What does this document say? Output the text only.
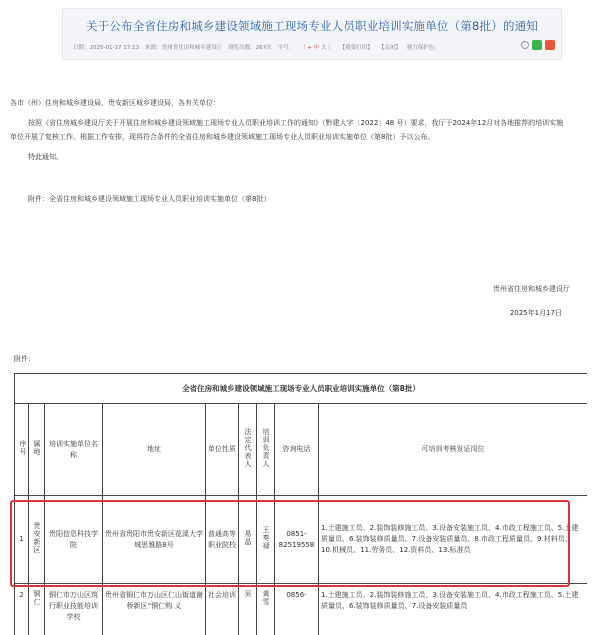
关于公布全省住房和城乡建设领域施工现场专业人员职业培训实施单位（第8批）的通知
日期：2025-01-17 17:13 来源：贵州省住房和城乡建设厅 浏览次数：267次 字号： 〔 + 中 大 〕 【我要打印】 【关闭】 视力保护色：

各市（州）住房和城乡建设局，贵安新区城乡建设局，各有关单位：

按照《省住房城乡建设厅关于开展住房和城乡建设领域施工现场专业人员职业培训工作的通知》（黔建人字〔2022〕48 号）要求，我厅于2024年12月对各地推荐的培训实施单位开展了复核工作。根据工作安排，现将符合条件的全省住房和城乡建设领域施工现场专业人员职业培训实施单位（第8批）予以公布。

特此通知。

附件：全省住房和城乡建设领域施工现场专业人员职业培训实施单位（第8批）

贵州省住房和城乡建设厅
2025年1月17日
附件：
全省住房和城乡建设领域施工现场专业人员职业培训实施单位（第8批）								
序号	属地	培训实施单位名称	地址	单位性质	法定代表人	培训负责人	咨询电话	可培训考核发证岗位
1	贵安新区	贵阳信息科技学院	贵州省贵阳市贵安新区花溪大学城思雅路8号	普通高等职业院校	易晶	王奏禄	0851-82519558	1.土建施工员、2.装饰装修施工员、3.设备安装施工员、4.市政工程施工员、5.土建质量员、6.装饰装修质量员、7.设备安装质量员、8.市政工程质量员、9.材料员、 10.机械员、11.劳务员、12.资料员、13.标准员
2	铜仁	铜仁市万山区筑行职业技能培训学校	贵州省铜仁市万山区仁山街道谢桥新区“铜仁购 义	社会培训	吴	黄雪	0856-	1.土建施工员、2.装饰装修施工员、3.设备安装施工员、4.市政工程施工员、5.土建质量员、6.装饰装修质量员、7.设备安装质量员
